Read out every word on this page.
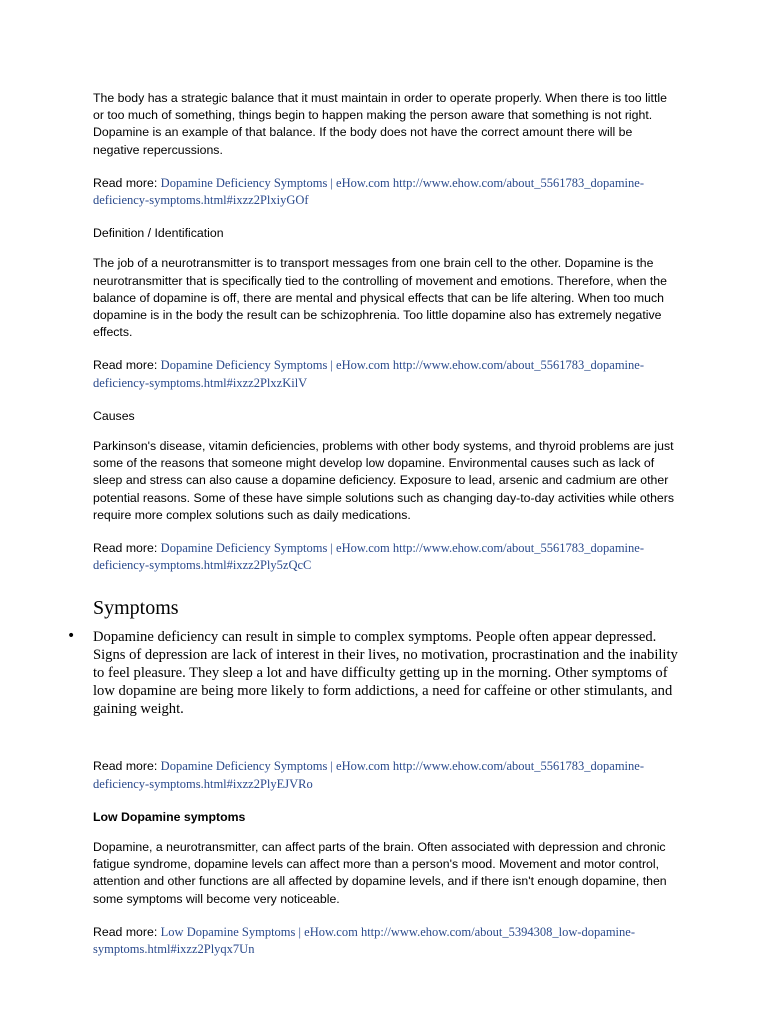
The body has a strategic balance that it must maintain in order to operate properly. When there is too little or too much of something, things begin to happen making the person aware that something is not right. Dopamine is an example of that balance. If the body does not have the correct amount there will be negative repercussions.

Read more: Dopamine Deficiency Symptoms | eHow.com http://www.ehow.com/about_5561783_dopamine-deficiency-symptoms.html#ixzz2PlxiyGOf

Definition / Identification

The job of a neurotransmitter is to transport messages from one brain cell to the other. Dopamine is the neurotransmitter that is specifically tied to the controlling of movement and emotions. Therefore, when the balance of dopamine is off, there are mental and physical effects that can be life altering. When too much dopamine is in the body the result can be schizophrenia. Too little dopamine also has extremely negative effects.

Read more: Dopamine Deficiency Symptoms | eHow.com http://www.ehow.com/about_5561783_dopamine-deficiency-symptoms.html#ixzz2PlxzKilV

Causes

Parkinson's disease, vitamin deficiencies, problems with other body systems, and thyroid problems are just some of the reasons that someone might develop low dopamine. Environmental causes such as lack of sleep and stress can also cause a dopamine deficiency. Exposure to lead, arsenic and cadmium are other potential reasons. Some of these have simple solutions such as changing day-to-day activities while others require more complex solutions such as daily medications.

Read more: Dopamine Deficiency Symptoms | eHow.com http://www.ehow.com/about_5561783_dopamine-deficiency-symptoms.html#ixzz2Ply5zQcC

Symptoms
• Dopamine deficiency can result in simple to complex symptoms. People often appear depressed. Signs of depression are lack of interest in their lives, no motivation, procrastination and the inability to feel pleasure. They sleep a lot and have difficulty getting up in the morning. Other symptoms of low dopamine are being more likely to form addictions, a need for caffeine or other stimulants, and gaining weight.

Read more: Dopamine Deficiency Symptoms | eHow.com http://www.ehow.com/about_5561783_dopamine-deficiency-symptoms.html#ixzz2PlyEJVRo

Low Dopamine symptoms

Dopamine, a neurotransmitter, can affect parts of the brain. Often associated with depression and chronic fatigue syndrome, dopamine levels can affect more than a person's mood. Movement and motor control, attention and other functions are all affected by dopamine levels, and if there isn't enough dopamine, then some symptoms will become very noticeable.

Read more: Low Dopamine Symptoms | eHow.com http://www.ehow.com/about_5394308_low-dopamine-symptoms.html#ixzz2Plyqx7Un
